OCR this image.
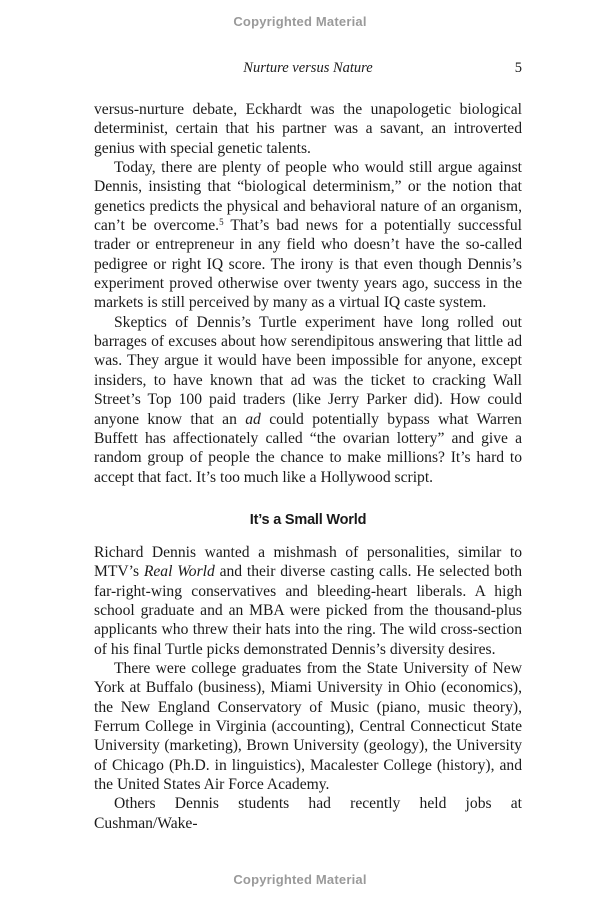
Copyrighted Material
Nurture versus Nature	5

versus-nurture debate, Eckhardt was the unapologetic biological determinist, certain that his partner was a savant, an introverted genius with special genetic talents.

Today, there are plenty of people who would still argue against Dennis, insisting that “biological determinism,” or the notion that genetics predicts the physical and behavioral nature of an organism, can’t be overcome.$^5$ That’s bad news for a potentially successful trader or entrepreneur in any field who doesn’t have the so-called pedigree or right IQ score. The irony is that even though Dennis’s experiment proved otherwise over twenty years ago, success in the markets is still perceived by many as a virtual IQ caste system.

Skeptics of Dennis’s Turtle experiment have long rolled out barrages of excuses about how serendipitous answering that little ad was. They argue it would have been impossible for anyone, except insiders, to have known that ad was the ticket to cracking Wall Street’s Top 100 paid traders (like Jerry Parker did). How could anyone know that an ad could potentially bypass what Warren Buffett has affectionately called “the ovarian lottery” and give a random group of people the chance to make millions? It’s hard to accept that fact. It’s too much like a Hollywood script.

It’s a Small World

Richard Dennis wanted a mishmash of personalities, similar to MTV’s Real World and their diverse casting calls. He selected both far-right-wing conservatives and bleeding-heart liberals. A high school graduate and an MBA were picked from the thousand-plus applicants who threw their hats into the ring. The wild cross-section of his final Turtle picks demonstrated Dennis’s diversity desires.

There were college graduates from the State University of New York at Buffalo (business), Miami University in Ohio (economics), the New England Conservatory of Music (piano, music theory), Ferrum College in Virginia (accounting), Central Connecticut State University (marketing), Brown University (geology), the University of Chicago (Ph.D. in linguistics), Macalester College (history), and the United States Air Force Academy.

Others Dennis students had recently held jobs at Cushman/Wake-

Copyrighted Material
